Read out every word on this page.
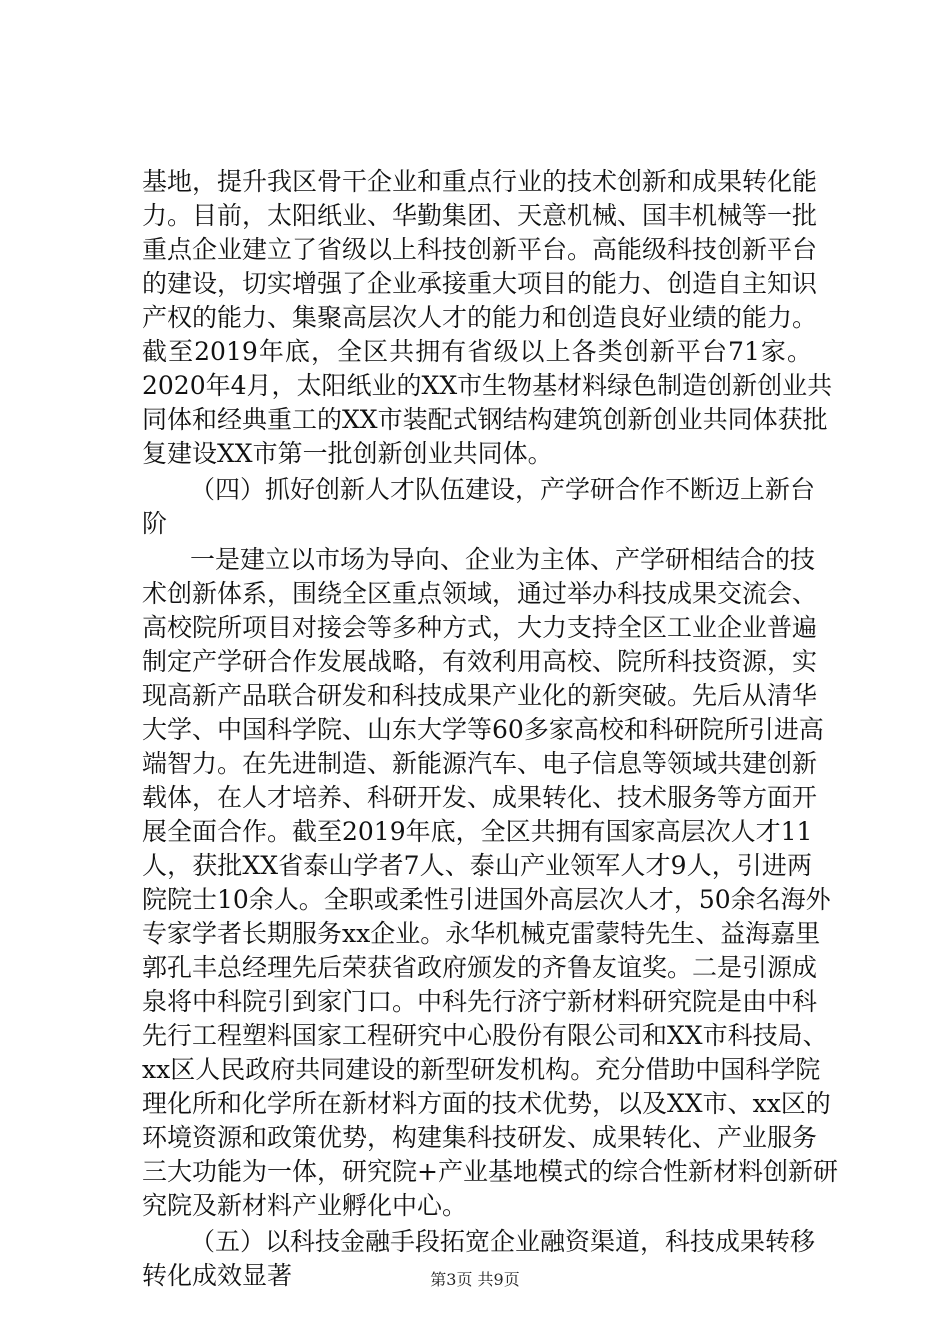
基地，提升我区骨干企业和重点行业的技术创新和成果转化能
力。目前，太阳纸业、华勤集团、天意机械、国丰机械等一批
重点企业建立了省级以上科技创新平台。高能级科技创新平台
的建设，切实增强了企业承接重大项目的能力、创造自主知识
产权的能力、集聚高层次人才的能力和创造良好业绩的能力。
截至2019年底，全区共拥有省级以上各类创新平台71家。
2020年4月，太阳纸业的XX市生物基材料绿色制造创新创业共
同体和经典重工的XX市装配式钢结构建筑创新创业共同体获批
复建设XX市第一批创新创业共同体。
（四）抓好创新人才队伍建设，产学研合作不断迈上新台
阶
一是建立以市场为导向、企业为主体、产学研相结合的技
术创新体系，围绕全区重点领域，通过举办科技成果交流会、
高校院所项目对接会等多种方式，大力支持全区工业企业普遍
制定产学研合作发展战略，有效利用高校、院所科技资源，实
现高新产品联合研发和科技成果产业化的新突破。先后从清华
大学、中国科学院、山东大学等60多家高校和科研院所引进高
端智力。在先进制造、新能源汽车、电子信息等领域共建创新
载体，在人才培养、科研开发、成果转化、技术服务等方面开
展全面合作。截至2019年底，全区共拥有国家高层次人才11
人，获批XX省泰山学者7人、泰山产业领军人才9人，引进两
院院士10余人。全职或柔性引进国外高层次人才，50余名海外
专家学者长期服务xx企业。永华机械克雷蒙特先生、益海嘉里
郭孔丰总经理先后荣获省政府颁发的齐鲁友谊奖。二是引源成
泉将中科院引到家门口。中科先行济宁新材料研究院是由中科
先行工程塑料国家工程研究中心股份有限公司和XX市科技局、
xx区人民政府共同建设的新型研发机构。充分借助中国科学院
理化所和化学所在新材料方面的技术优势，以及XX市、xx区的
环境资源和政策优势，构建集科技研发、成果转化、产业服务
三大功能为一体，研究院+产业基地模式的综合性新材料创新研
究院及新材料产业孵化中心。
（五）以科技金融手段拓宽企业融资渠道，科技成果转移
转化成效显著	第3页 共9页
